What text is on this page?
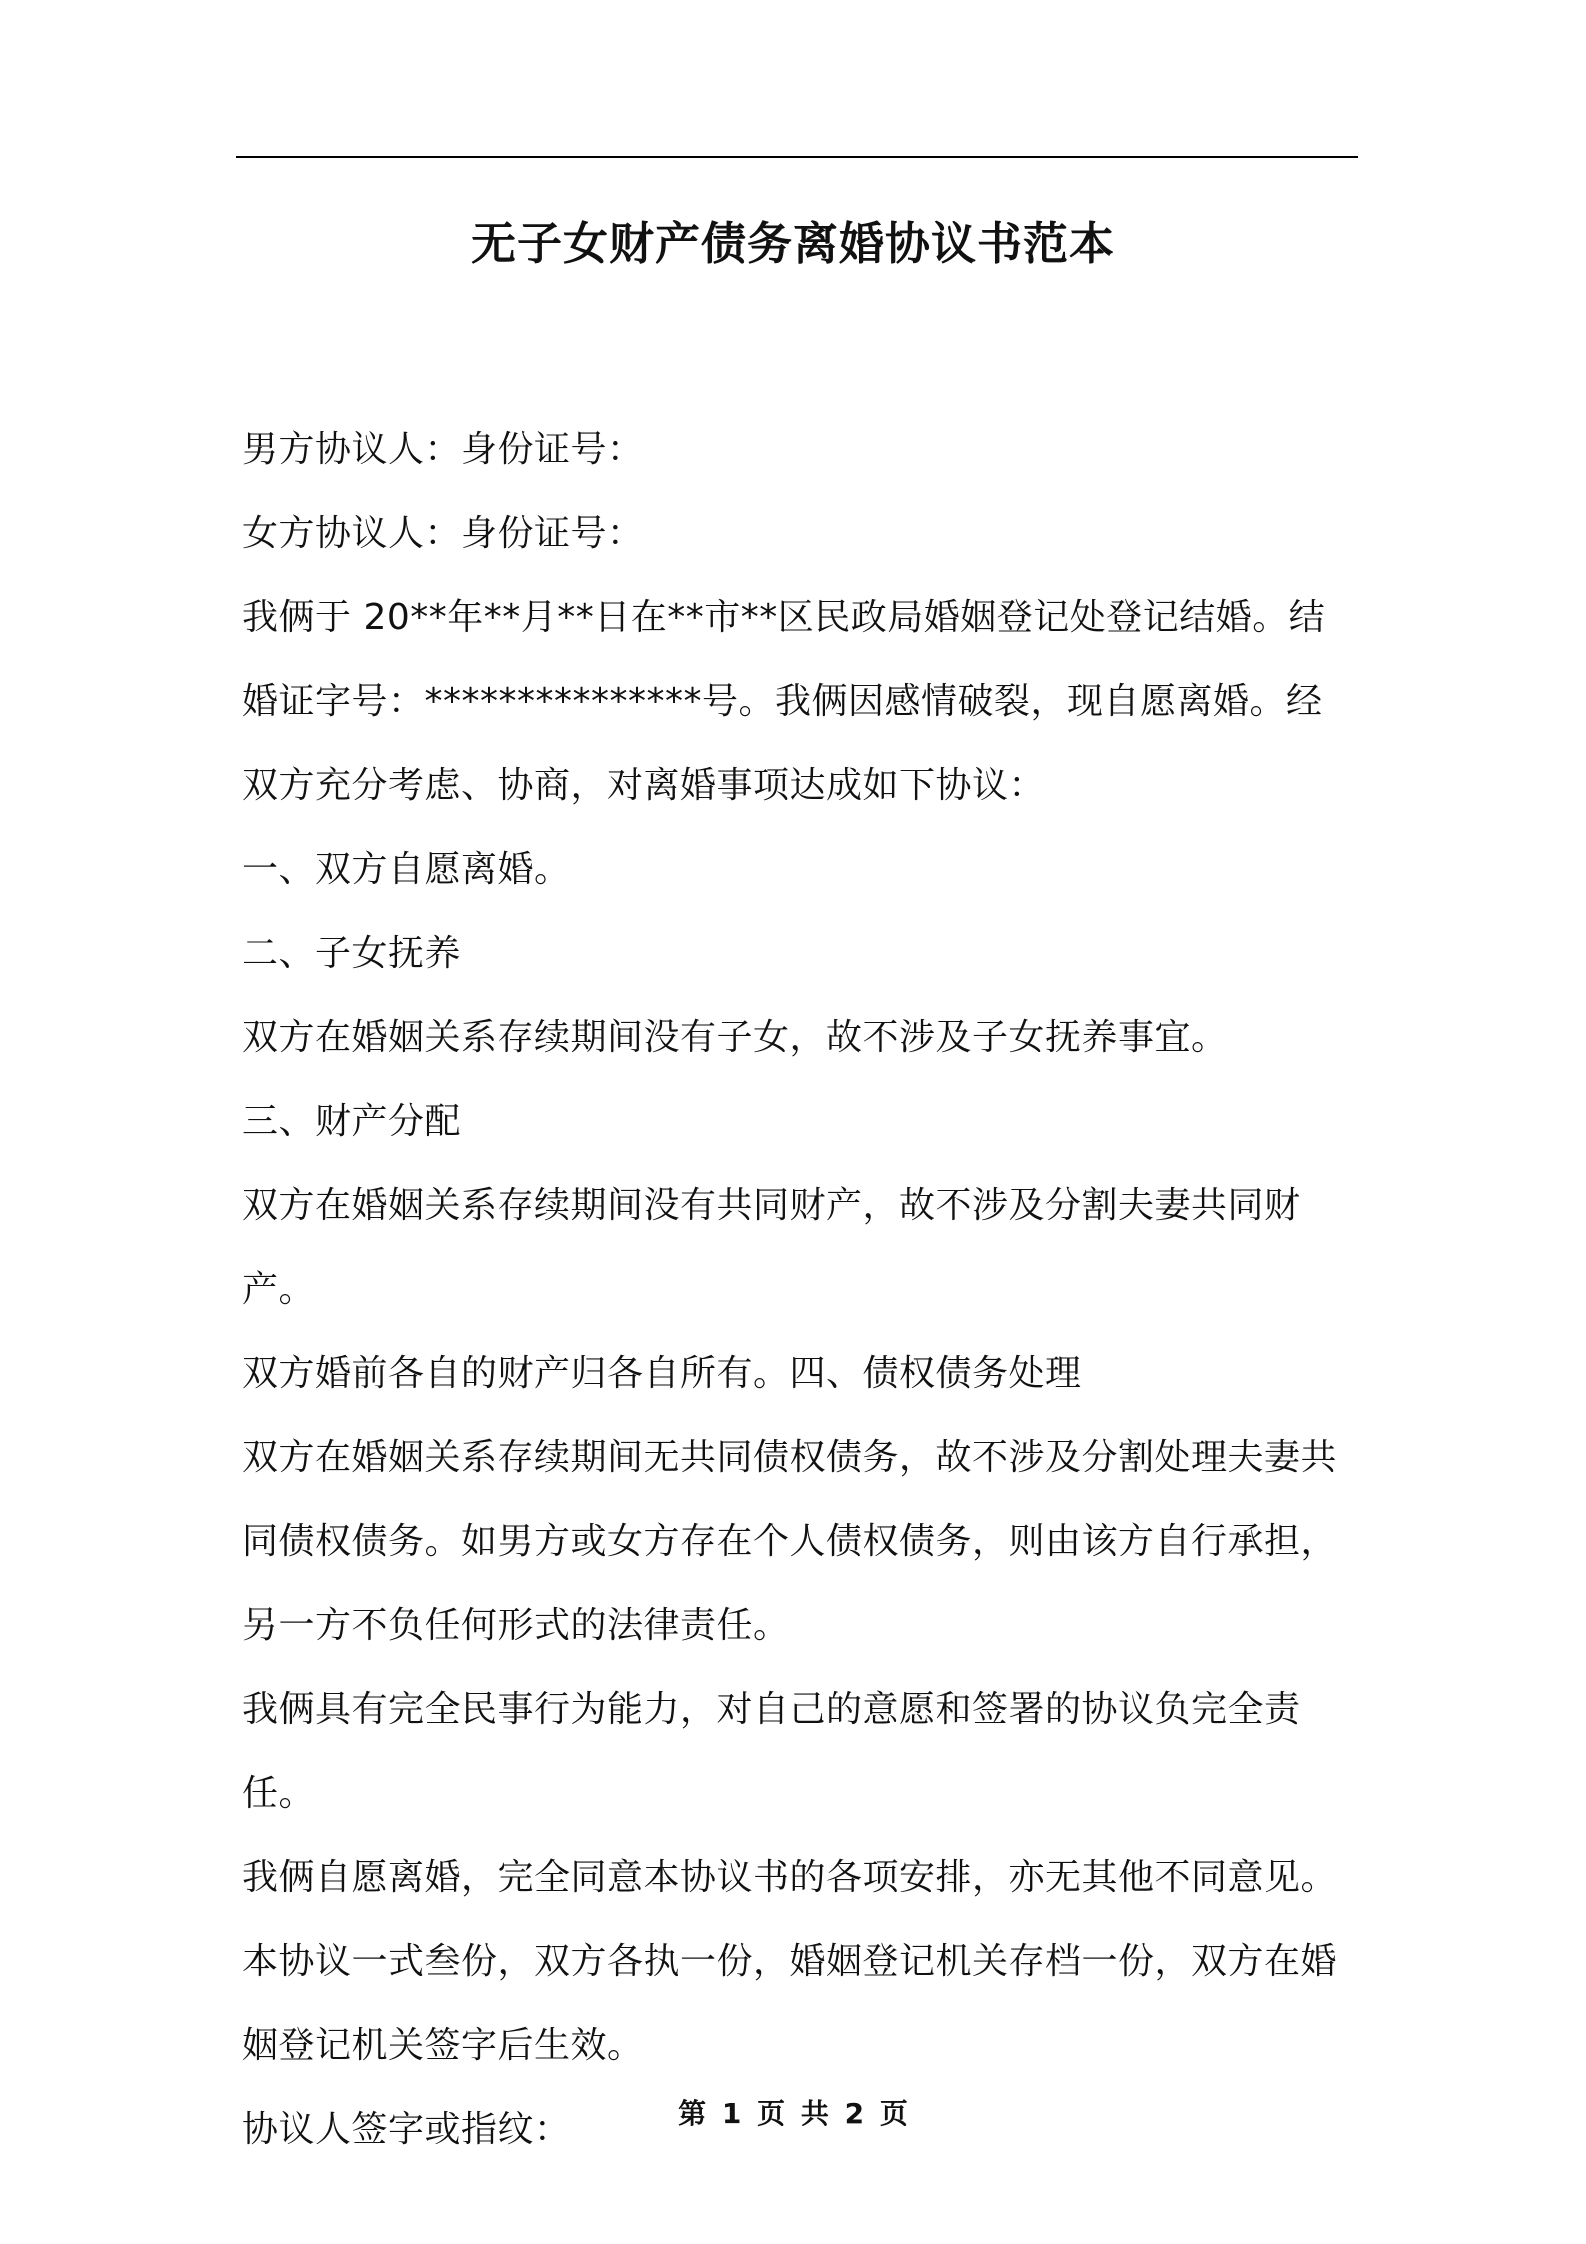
无子女财产债务离婚协议书范本

男方协议人：身份证号：

女方协议人：身份证号：

我俩于 20**年**月**日在**市**区民政局婚姻登记处登记结婚。结

婚证字号：***************号。我俩因感情破裂，现自愿离婚。经

双方充分考虑、协商，对离婚事项达成如下协议：

一、双方自愿离婚。

二、子女抚养

双方在婚姻关系存续期间没有子女，故不涉及子女抚养事宜。

三、财产分配

双方在婚姻关系存续期间没有共同财产，故不涉及分割夫妻共同财产。

双方婚前各自的财产归各自所有。四、债权债务处理

双方在婚姻关系存续期间无共同债权债务，故不涉及分割处理夫妻共

同债权债务。如男方或女方存在个人债权债务，则由该方自行承担，

另一方不负任何形式的法律责任。

我俩具有完全民事行为能力，对自己的意愿和签署的协议负完全责任。

我俩自愿离婚，完全同意本协议书的各项安排，亦无其他不同意见。

本协议一式叁份，双方各执一份，婚姻登记机关存档一份，双方在婚

姻登记机关签字后生效。

协议人签字或指纹：	第 1 页 共 2 页
